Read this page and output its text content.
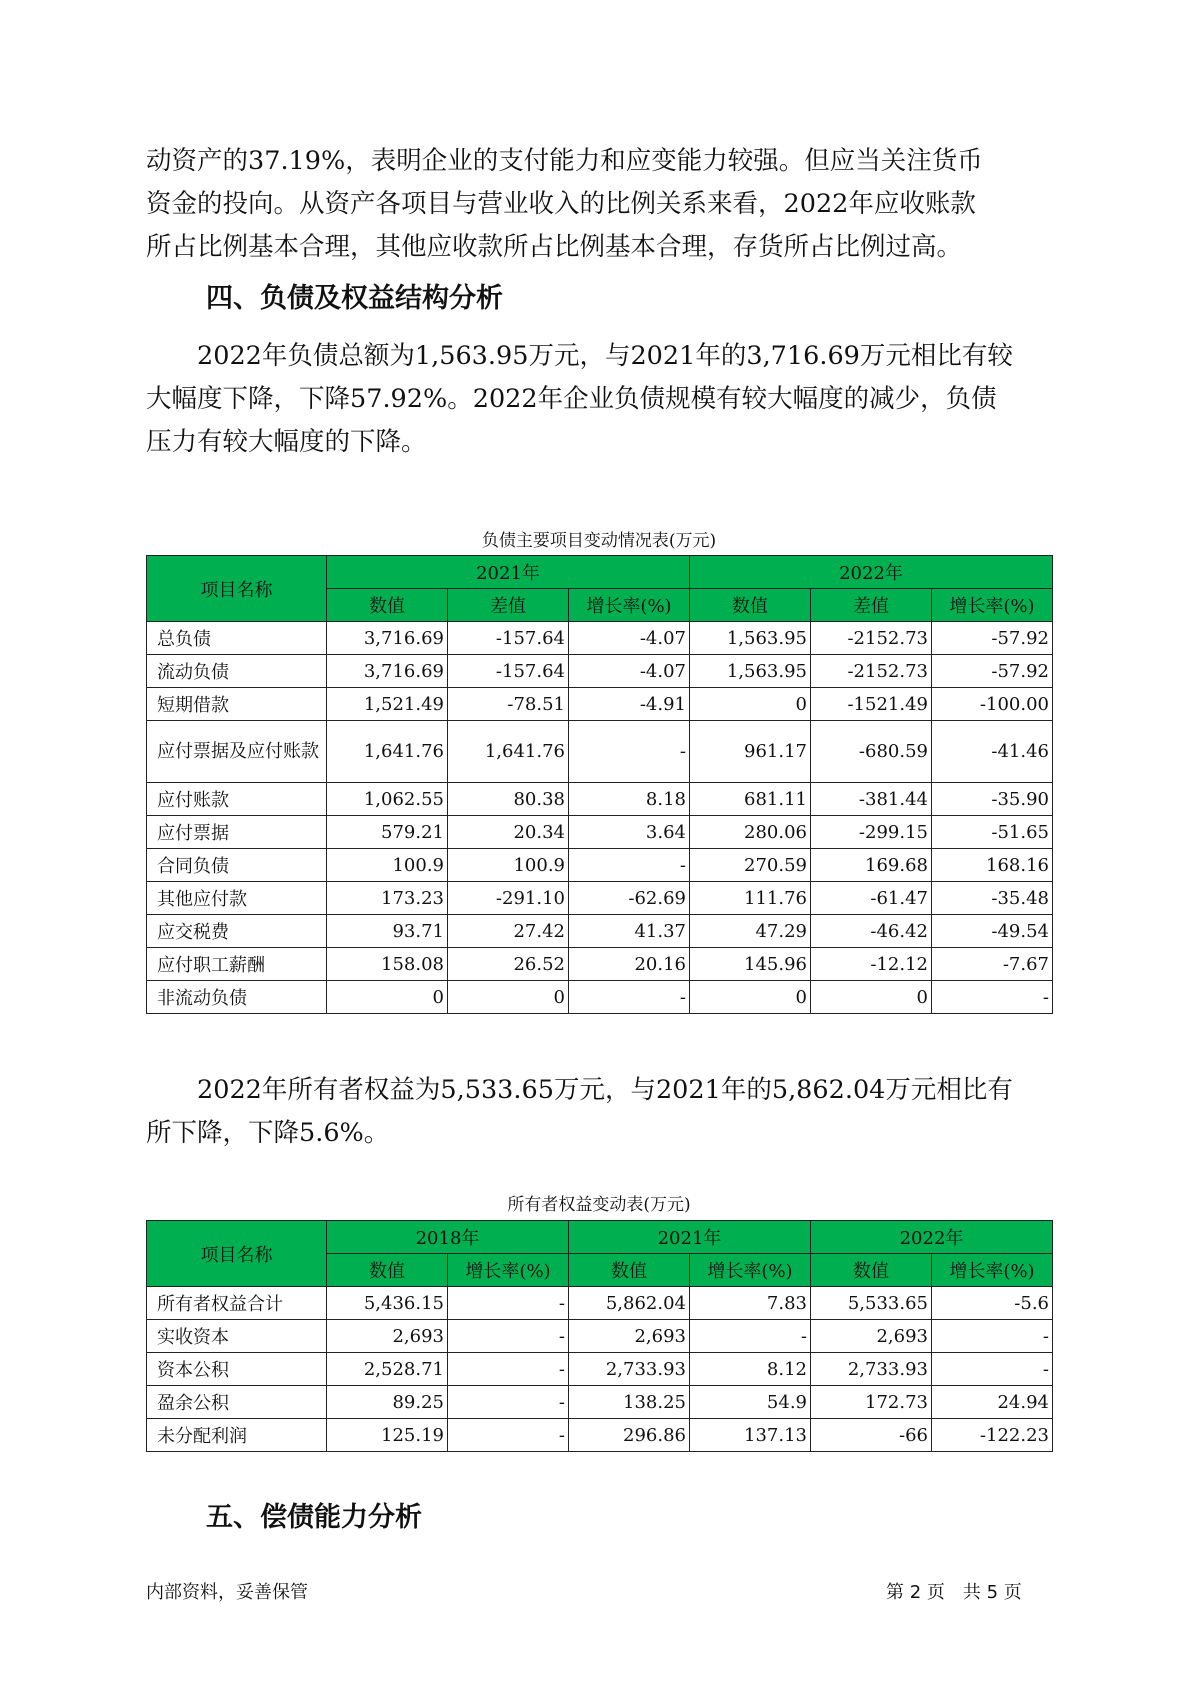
动资产的37.19%，表明企业的支付能力和应变能力较强。但应当关注货币

资金的投向。从资产各项目与营业收入的比例关系来看，2022年应收账款

所占比例基本合理，其他应收款所占比例基本合理，存货所占比例过高。

四、负债及权益结构分析

　　2022年负债总额为1,563.95万元，与2021年的3,716.69万元相比有较

大幅度下降，下降57.92%。2022年企业负债规模有较大幅度的减少，负债

压力有较大幅度的下降。

负债主要项目变动情况表(万元)

项目名称	2021年			2022年		
	数值	差值	增长率(%)	数值	差值	增长率(%)
总负债	3,716.69	-157.64	-4.07	1,563.95	-2152.73	-57.92
流动负债	3,716.69	-157.64	-4.07	1,563.95	-2152.73	-57.92
短期借款	1,521.49	-78.51	-4.91	0	-1521.49	-100.00
应付票据及应付账款	1,641.76	1,641.76	-	961.17	-680.59	-41.46
应付账款	1,062.55	80.38	8.18	681.11	-381.44	-35.90
应付票据	579.21	20.34	3.64	280.06	-299.15	-51.65
合同负债	100.9	100.9	-	270.59	169.68	168.16
其他应付款	173.23	-291.10	-62.69	111.76	-61.47	-35.48
应交税费	93.71	27.42	41.37	47.29	-46.42	-49.54
应付职工薪酬	158.08	26.52	20.16	145.96	-12.12	-7.67
非流动负债	0	0	-	0	0	-

　　2022年所有者权益为5,533.65万元，与2021年的5,862.04万元相比有

所下降，下降5.6%。

所有者权益变动表(万元)

项目名称	2018年		2021年		2022年	
	数值	增长率(%)	数值	增长率(%)	数值	增长率(%)
所有者权益合计	5,436.15	-	5,862.04	7.83	5,533.65	-5.6
实收资本	2,693	-	2,693	-	2,693	-
资本公积	2,528.71	-	2,733.93	8.12	2,733.93	-
盈余公积	89.25	-	138.25	54.9	172.73	24.94
未分配利润	125.19	-	296.86	137.13	-66	-122.23
五、偿债能力分析

内部资料，妥善保管	第 2 页　共 5 页
